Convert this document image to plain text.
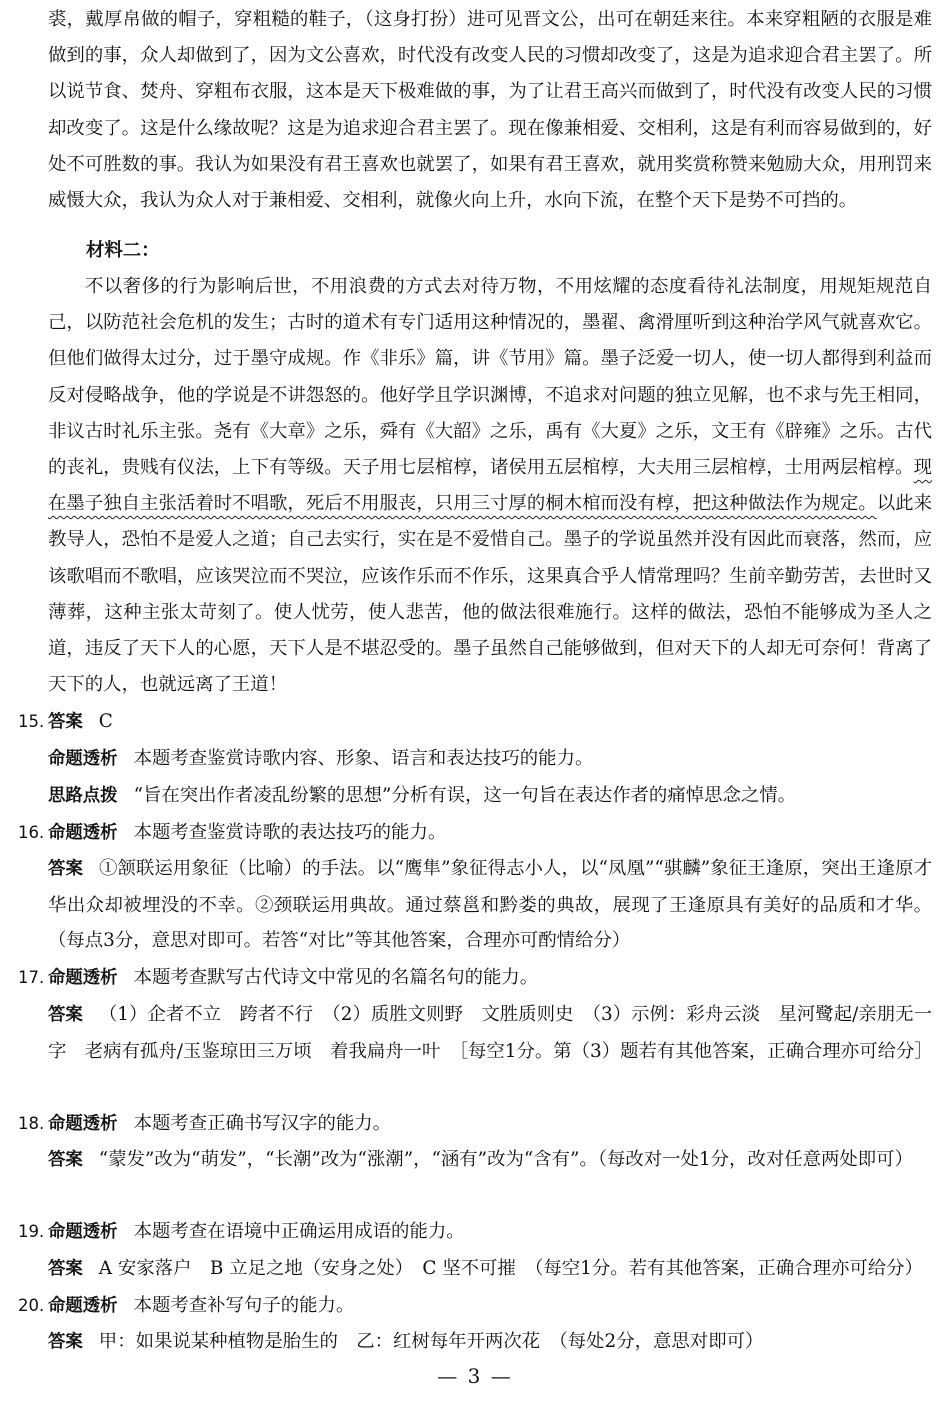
裘，戴厚帛做的帽子，穿粗糙的鞋子，（这身打扮）进可见晋文公，出可在朝廷来往。本来穿粗陋的衣服是难做到的事，众人却做到了，因为文公喜欢，时代没有改变人民的习惯却改变了，这是为追求迎合君主罢了。所以说节食、焚舟、穿粗布衣服，这本是天下极难做的事，为了让君王高兴而做到了，时代没有改变人民的习惯却改变了。这是什么缘故呢？这是为追求迎合君主罢了。现在像兼相爱、交相利，这是有利而容易做到的，好处不可胜数的事。我认为如果没有君王喜欢也就罢了，如果有君王喜欢，就用奖赏称赞来勉励大众，用刑罚来威慑大众，我认为众人对于兼相爱、交相利，就像火向上升，水向下流，在整个天下是势不可挡的。

材料二：

不以奢侈的行为影响后世，不用浪费的方式去对待万物，不用炫耀的态度看待礼法制度，用规矩规范自己，以防范社会危机的发生；古时的道术有专门适用这种情况的，墨翟、禽滑厘听到这种治学风气就喜欢它。但他们做得太过分，过于墨守成规。作《非乐》篇，讲《节用》篇。墨子泛爱一切人，使一切人都得到利益而反对侵略战争，他的学说是不讲怨怒的。他好学且学识渊博，不追求对问题的独立见解，也不求与先王相同，非议古时礼乐主张。尧有《大章》之乐，舜有《大韶》之乐，禹有《大夏》之乐，文王有《辟雍》之乐。古代的丧礼，贵贱有仪法，上下有等级。天子用七层棺椁，诸侯用五层棺椁，大夫用三层棺椁，士用两层棺椁。现在墨子独自主张活着时不唱歌，死后不用服丧，只用三寸厚的桐木棺而没有椁，把这种做法作为规定。以此来教导人，恐怕不是爱人之道；自己去实行，实在是不爱惜自己。墨子的学说虽然并没有因此而衰落，然而，应该歌唱而不歌唱，应该哭泣而不哭泣，应该作乐而不作乐，这果真合乎人情常理吗？生前辛勤劳苦，去世时又薄葬，这种主张太苛刻了。使人忧劳，使人悲苦，他的做法很难施行。这样的做法，恐怕不能够成为圣人之道，违反了天下人的心愿，天下人是不堪忍受的。墨子虽然自己能够做到，但对天下的人却无可奈何！背离了天下的人，也就远离了王道！

15. 答案 C

命题透析 本题考查鉴赏诗歌内容、形象、语言和表达技巧的能力。

思路点拨 “旨在突出作者凌乱纷繁的思想”分析有误，这一句旨在表达作者的痛悼思念之情。

16. 命题透析 本题考查鉴赏诗歌的表达技巧的能力。

答案 ①颔联运用象征（比喻）的手法。以“鹰隼”象征得志小人，以“凤凰”“骐麟”象征王逢原，突出王逢原才华出众却被埋没的不幸。②颈联运用典故。通过蔡邕和黔娄的典故，展现了王逢原具有美好的品质和才华。（每点3分，意思对即可。若答“对比”等其他答案，合理亦可酌情给分）

17. 命题透析 本题考查默写古代诗文中常见的名篇名句的能力。

答案 （1）企者不立　跨者不行　（2）质胜文则野　文胜质则史　（3）示例：彩舟云淡　星河鹭起/亲朋无一字　老病有孤舟/玉鉴琼田三万顷　着我扁舟一叶　［每空1分。第（3）题若有其他答案，正确合理亦可给分］

18. 命题透析 本题考查正确书写汉字的能力。

答案 “蒙发”改为“萌发”，“长潮”改为“涨潮”，“涵有”改为“含有”。（每改对一处1分，改对任意两处即可）

19. 命题透析 本题考查在语境中正确运用成语的能力。

答案 A 安家落户　B 立足之地（安身之处）　C 坚不可摧　（每空1分。若有其他答案，正确合理亦可给分）

20. 命题透析 本题考查补写句子的能力。

答案 甲：如果说某种植物是胎生的　乙：红树每年开两次花　（每处2分，意思对即可）

— 3 —
